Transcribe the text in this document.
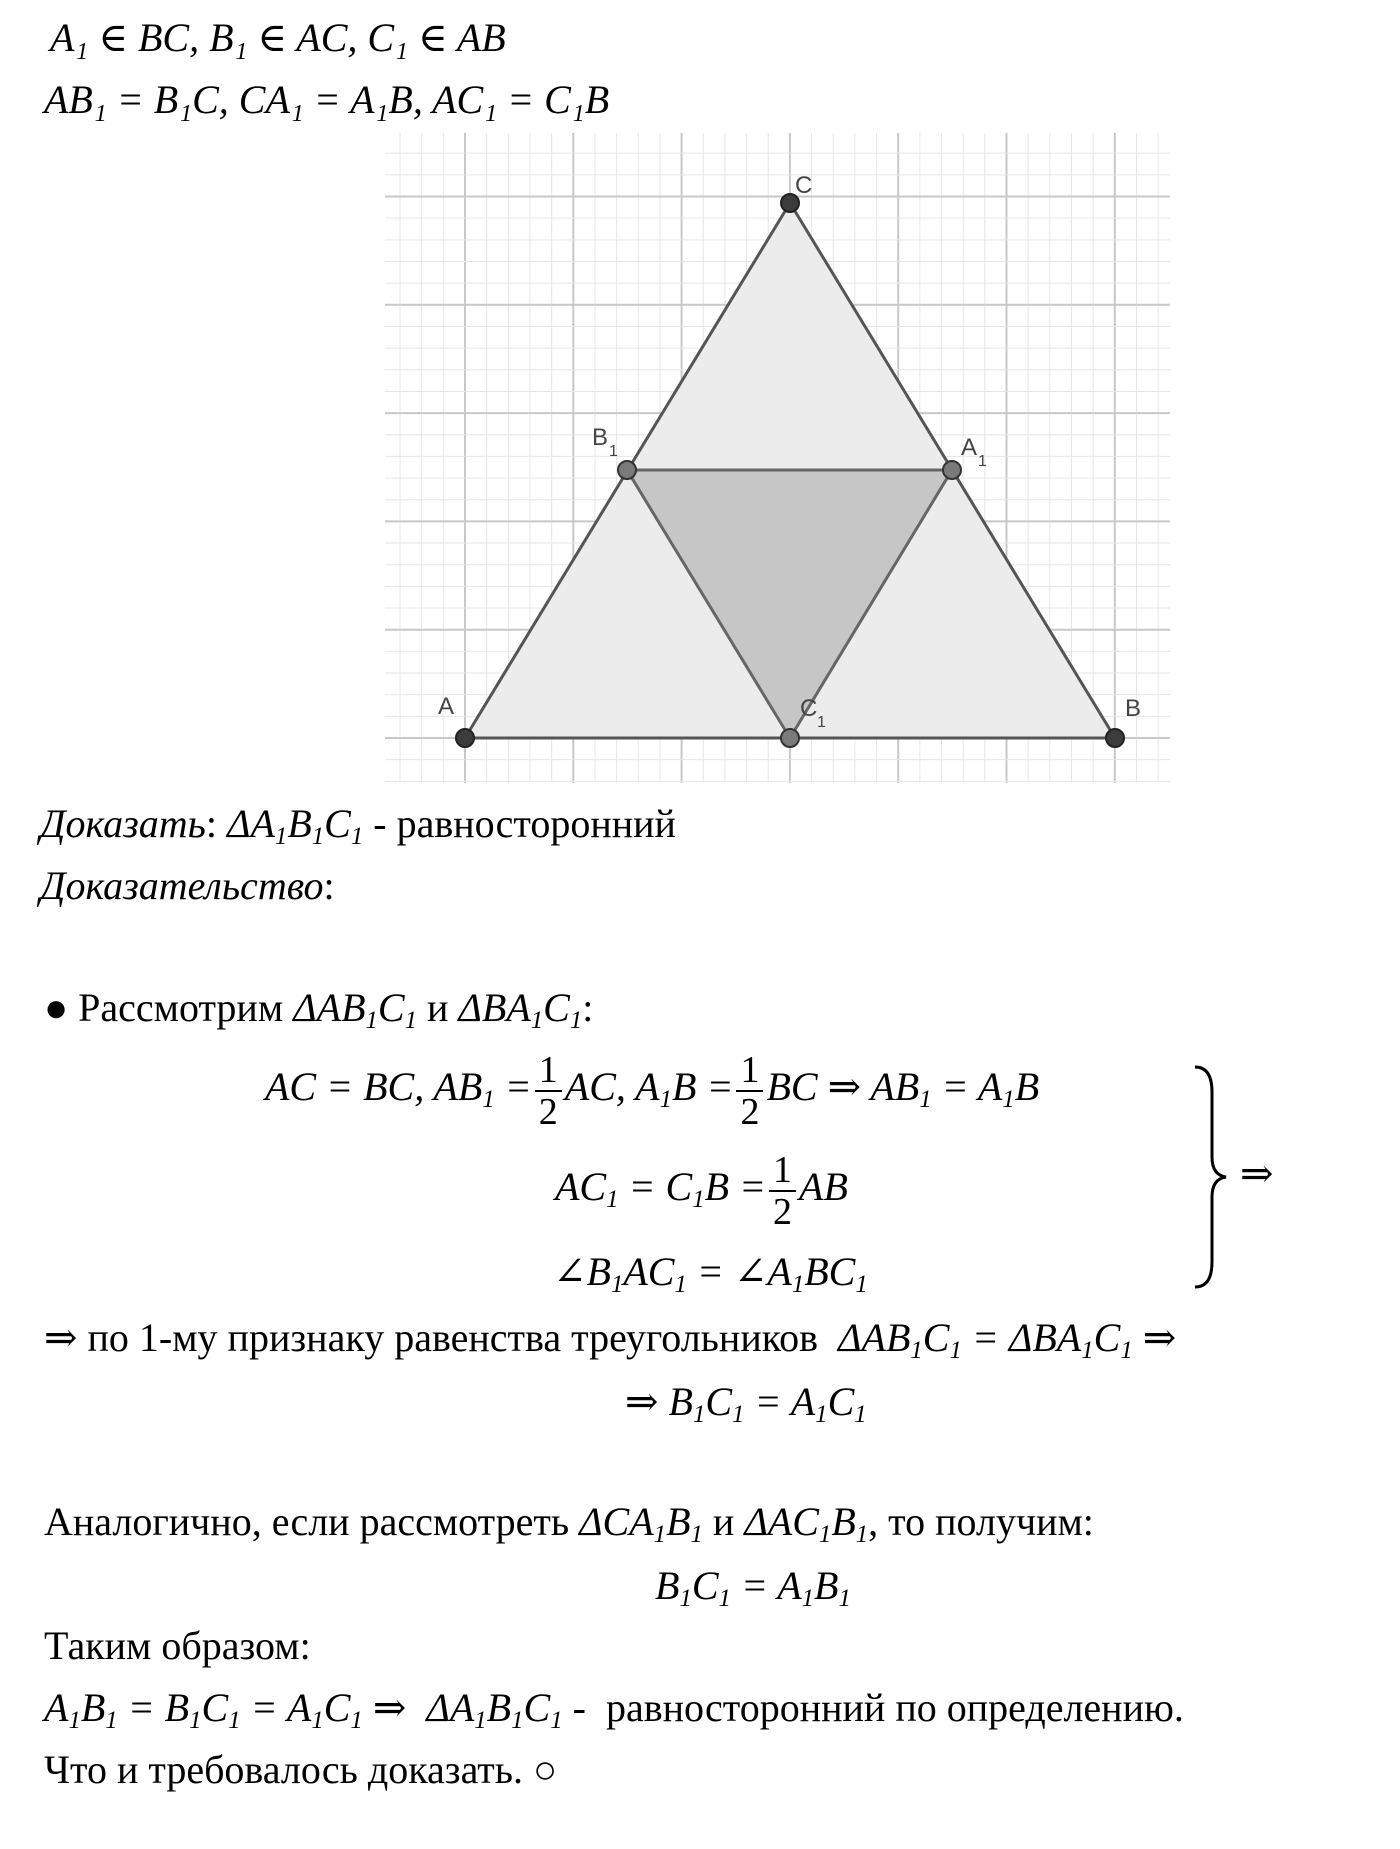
A₁ ∈ BC, B₁ ∈ AC, C₁ ∈ AB
AB₁ = B₁C, CA₁ = A₁B, AC₁ = C₁B
C
A	B
B
1	A
1
C
1
Доказать: $\Delta A_1B_1C_1$ - равносторонний
Доказательство:
● Рассмотрим $\Delta AB_1C_1$ и $\Delta BA_1C_1$:
AC = BC, $AB_1 = \frac{1}{2}$ AC, $A_1B = \frac{1}{2}$ BC ⇒ $AB_1 = A_1B$
$AC_1 = C_1B = \frac{1}{2}$ AB
$\angle B_1AC_1$ = $\angle A_1BC_1$
⇒
⇒ по 1-му признаку равенства треугольников $\Delta AB_1C_1 = \Delta BA_1C_1$ ⇒
⇒ $B_1C_1 = A_1C_1$
Аналогично, если рассмотреть $\Delta CA_1B_1$ и $\Delta AC_1B_1$, то получим:
$B_1C_1 = A_1B_1$
Таким образом:
$A_1B_1 = B_1C_1 = A_1C_1$ ⇒  $\Delta A_1B_1C_1$ -  равносторонний по определению.
Что и требовалось доказать. ○
